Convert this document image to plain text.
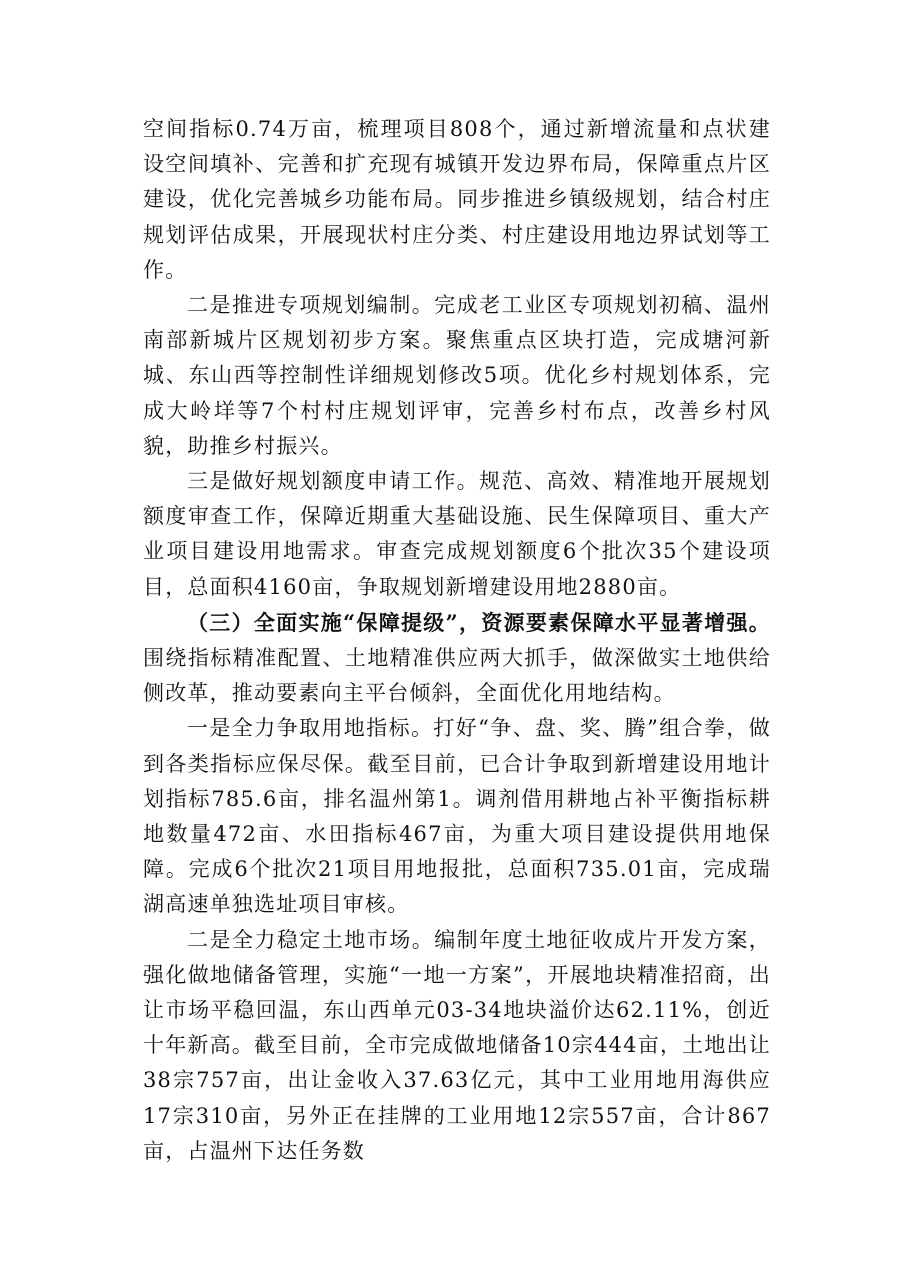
空间指标0.74万亩，梳理项目808个，通过新增流量和点状建设空间填补、完善和扩充现有城镇开发边界布局，保障重点片区建设，优化完善城乡功能布局。同步推进乡镇级规划，结合村庄规划评估成果，开展现状村庄分类、村庄建设用地边界试划等工作。

二是推进专项规划编制。完成老工业区专项规划初稿、温州南部新城片区规划初步方案。聚焦重点区块打造，完成塘河新城、东山西等控制性详细规划修改5项。优化乡村规划体系，完成大岭垟等7个村村庄规划评审，完善乡村布点，改善乡村风貌，助推乡村振兴。

三是做好规划额度申请工作。规范、高效、精准地开展规划额度审查工作，保障近期重大基础设施、民生保障项目、重大产业项目建设用地需求。审查完成规划额度6个批次35个建设项目，总面积4160亩，争取规划新增建设用地2880亩。

（三）全面实施“保障提级”，资源要素保障水平显著增强。围绕指标精准配置、土地精准供应两大抓手，做深做实土地供给侧改革，推动要素向主平台倾斜，全面优化用地结构。

一是全力争取用地指标。打好“争、盘、奖、腾”组合拳，做到各类指标应保尽保。截至目前，已合计争取到新增建设用地计划指标785.6亩，排名温州第1。调剂借用耕地占补平衡指标耕地数量472亩、水田指标467亩，为重大项目建设提供用地保障。完成6个批次21项目用地报批，总面积735.01亩，完成瑞湖高速单独选址项目审核。

二是全力稳定土地市场。编制年度土地征收成片开发方案，强化做地储备管理，实施“一地一方案”，开展地块精准招商，出让市场平稳回温，东山西单元03-34地块溢价达62.11%，创近十年新高。截至目前，全市完成做地储备10宗444亩，土地出让38宗757亩，出让金收入37.63亿元，其中工业用地用海供应17宗310亩，另外正在挂牌的工业用地12宗557亩，合计867亩，占温州下达任务数
